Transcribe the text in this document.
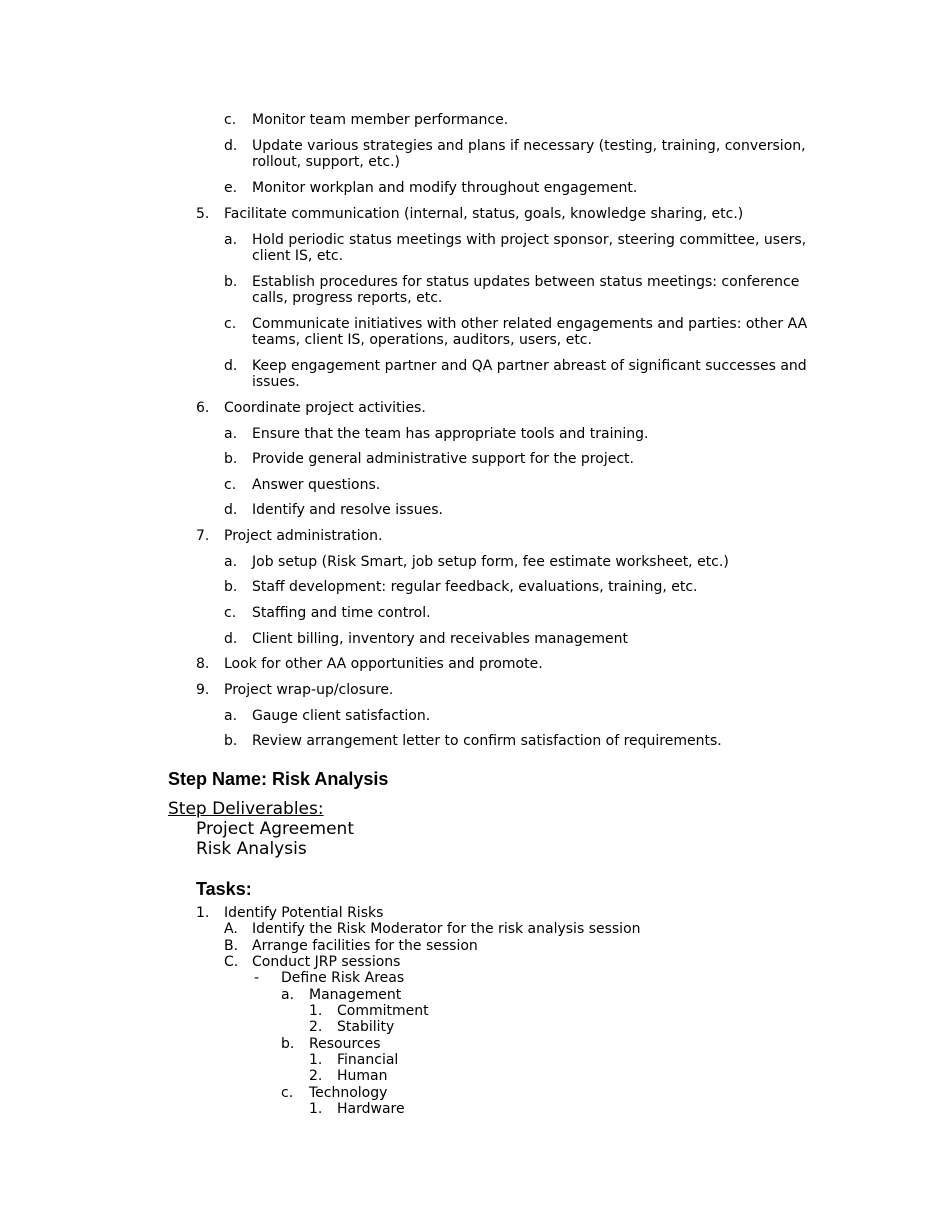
c. Monitor team member performance.
d. Update various strategies and plans if necessary (testing, training, conversion,
rollout, support, etc.)
e. Monitor workplan and modify throughout engagement.
5. Facilitate communication (internal, status, goals, knowledge sharing, etc.)
a. Hold periodic status meetings with project sponsor, steering committee, users,
client IS, etc.
b. Establish procedures for status updates between status meetings: conference
calls, progress reports, etc.
c. Communicate initiatives with other related engagements and parties: other AA
teams, client IS, operations, auditors, users, etc.
d. Keep engagement partner and QA partner abreast of significant successes and
issues.
6. Coordinate project activities.
a. Ensure that the team has appropriate tools and training.
b. Provide general administrative support for the project.
c. Answer questions.
d. Identify and resolve issues.
7. Project administration.
a. Job setup (Risk Smart, job setup form, fee estimate worksheet, etc.)
b. Staff development: regular feedback, evaluations, training, etc.
c. Staffing and time control.
d. Client billing, inventory and receivables management
8. Look for other AA opportunities and promote.
9. Project wrap-up/closure.
a. Gauge client satisfaction.
b. Review arrangement letter to confirm satisfaction of requirements.
Step Name: Risk Analysis
Step Deliverables:
Project Agreement
Risk Analysis
Tasks:
1. Identify Potential Risks
A. Identify the Risk Moderator for the risk analysis session
B. Arrange facilities for the session
C. Conduct JRP sessions
- Define Risk Areas
a. Management
1. Commitment
2. Stability
b. Resources
1. Financial
2. Human
c. Technology
1. Hardware
